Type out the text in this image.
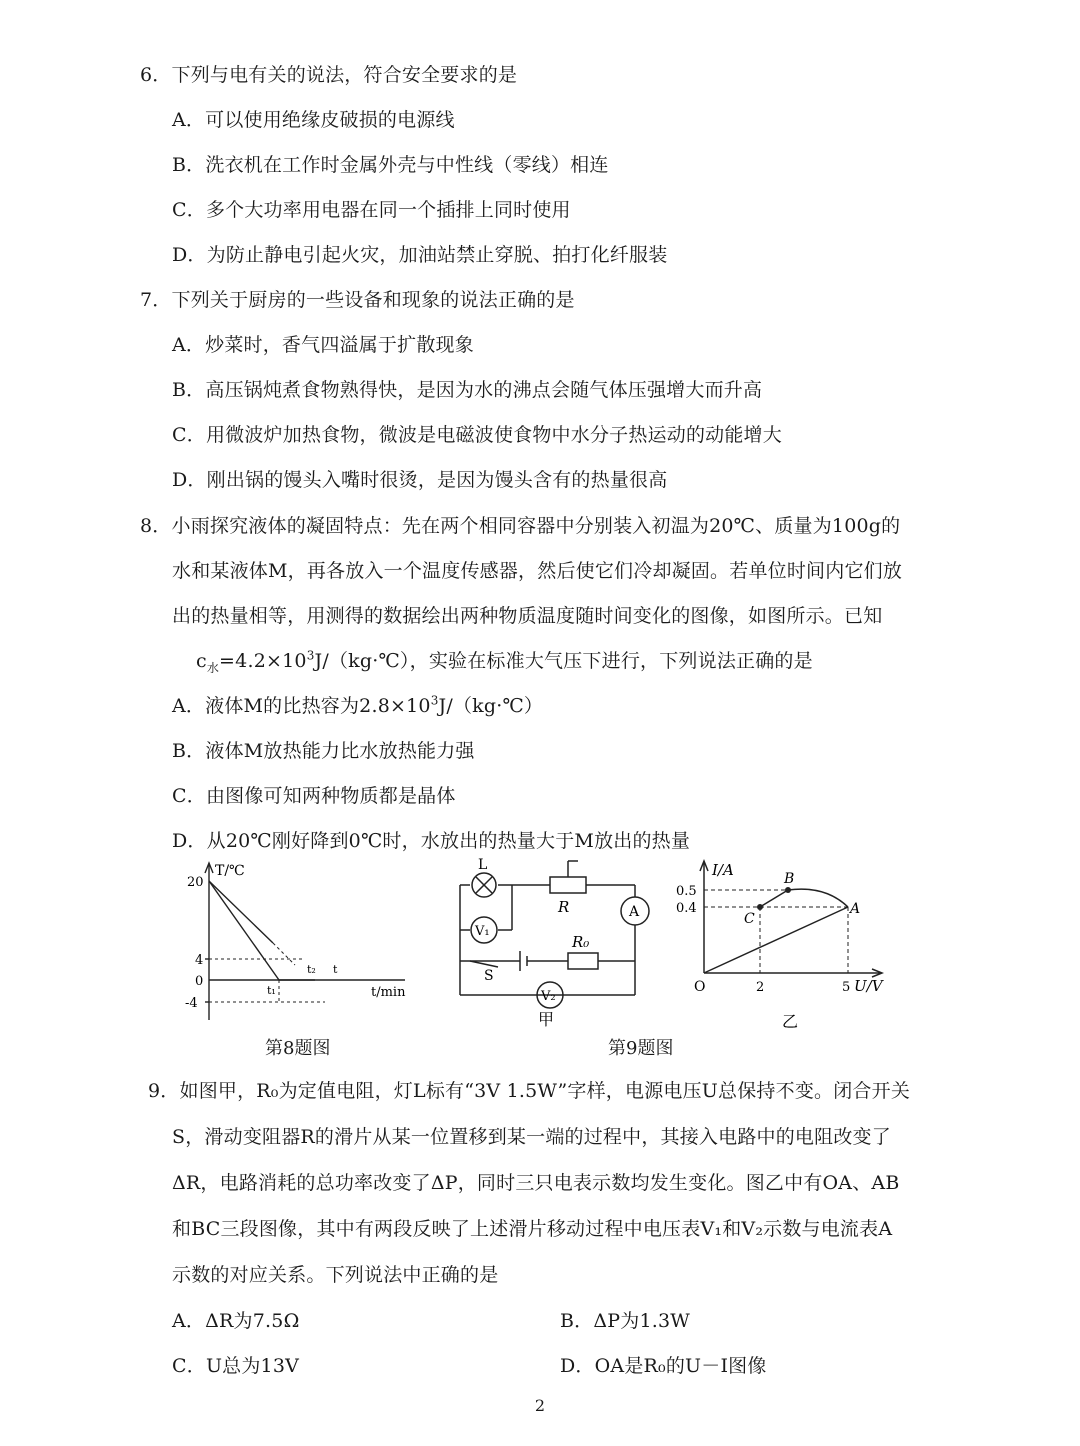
6．下列与电有关的说法，符合安全要求的是
A．可以使用绝缘皮破损的电源线
B．洗衣机在工作时金属外壳与中性线（零线）相连
C．多个大功率用电器在同一个插排上同时使用
D．为防止静电引起火灾，加油站禁止穿脱、拍打化纤服装
7．下列关于厨房的一些设备和现象的说法正确的是
A．炒菜时，香气四溢属于扩散现象
B．高压锅炖煮食物熟得快，是因为水的沸点会随气体压强增大而升高
C．用微波炉加热食物，微波是电磁波使食物中水分子热运动的动能增大
D．刚出锅的馒头入嘴时很烫，是因为馒头含有的热量很高
8．小雨探究液体的凝固特点：先在两个相同容器中分别装入初温为20℃、质量为100g的
水和某液体M，再各放入一个温度传感器，然后使它们冷却凝固。若单位时间内它们放
出的热量相等，用测得的数据绘出两种物质温度随时间变化的图像，如图所示。已知
$c_水=4.2\times 10^3J/(kg\cdot℃)$，实验在标准大气压下进行，下列说法正确的是
A．液体M的比热容为$2.8\times 10^3J/(kg\cdot℃)$
B．液体M放热能力比水放热能力强
C．由图像可知两种物质都是晶体
D．从20℃刚好降到0℃时，水放出的热量大于M放出的热量
T/℃
20
4
0
-4
t₁
t₂ t
t/min
第8题图
L
R
R₀
S
A
V₁
V₂
甲
I/A
U/V
O
0.5
0.4
2	5
A
B
C
乙
第9题图
9．如图甲，R₀为定值电阻，灯L标有“3V 1.5W”字样，电源电压U总保持不变。闭合开关
S，滑动变阻器R的滑片从某一位置移到某一端的过程中，其接入电路中的电阻改变了
ΔR，电路消耗的总功率改变了ΔP，同时三只电表示数均发生变化。图乙中有OA、AB
和BC三段图像，其中有两段反映了上述滑片移动过程中电压表V₁和V₂示数与电流表A
示数的对应关系。下列说法中正确的是
A．ΔR为7.5Ω	B．ΔP为1.3W
C．U总为13V	D．OA是R₀的U－I图像
2
